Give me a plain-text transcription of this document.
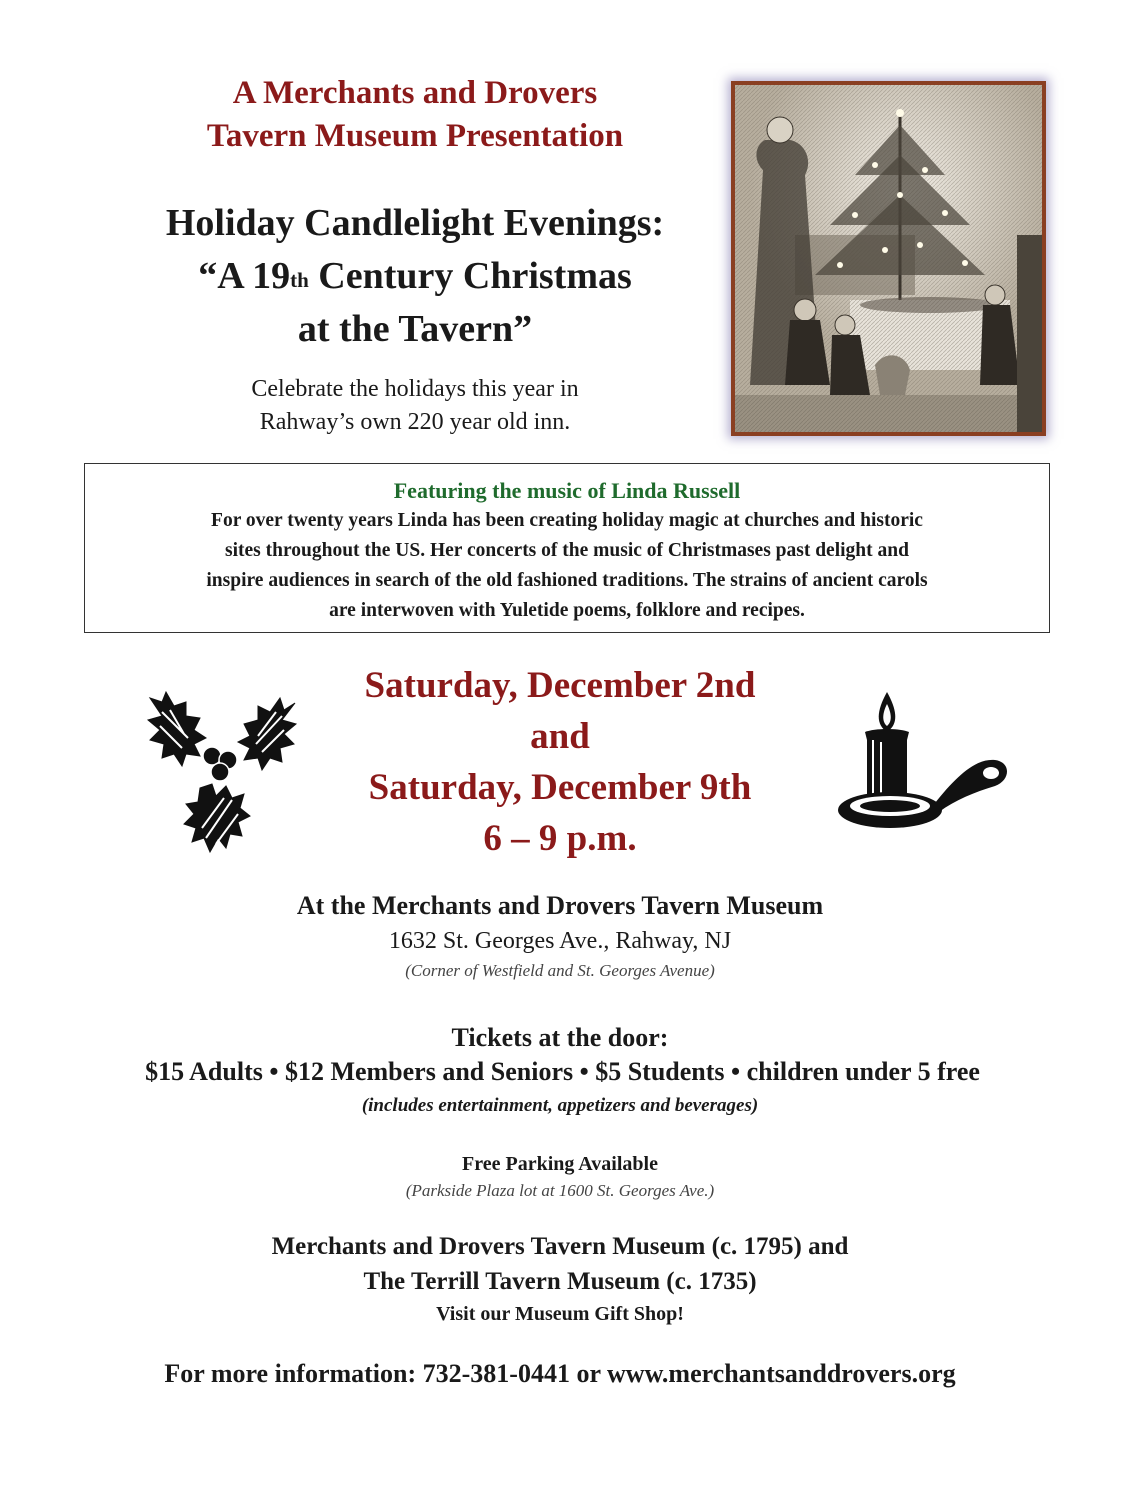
A Merchants and Drovers
Tavern Museum Presentation
Holiday Candlelight Evenings:
“A 19th Century Christmas
at the Tavern”
Celebrate the holidays this year in
Rahway’s own 220 year old inn.
Featuring the music of Linda Russell
For over twenty years Linda has been creating holiday magic at churches and historic
sites throughout the US. Her concerts of the music of Christmases past delight and
inspire audiences in search of the old fashioned traditions. The strains of ancient carols
are interwoven with Yuletide poems, folklore and recipes.
Saturday, December 2nd
and
Saturday, December 9th
6 – 9 p.m.
At the Merchants and Drovers Tavern Museum
1632 St. Georges Ave., Rahway, NJ
(Corner of Westfield and St. Georges Avenue)
Tickets at the door:
$15 Adults • $12 Members and Seniors • $5 Students • children under 5 free
(includes entertainment, appetizers and beverages)
Free Parking Available
(Parkside Plaza lot at 1600 St. Georges Ave.)
Merchants and Drovers Tavern Museum (c. 1795) and
The Terrill Tavern Museum (c. 1735)
Visit our Museum Gift Shop!
For more information: 732-381-0441 or www.merchantsanddrovers.org
